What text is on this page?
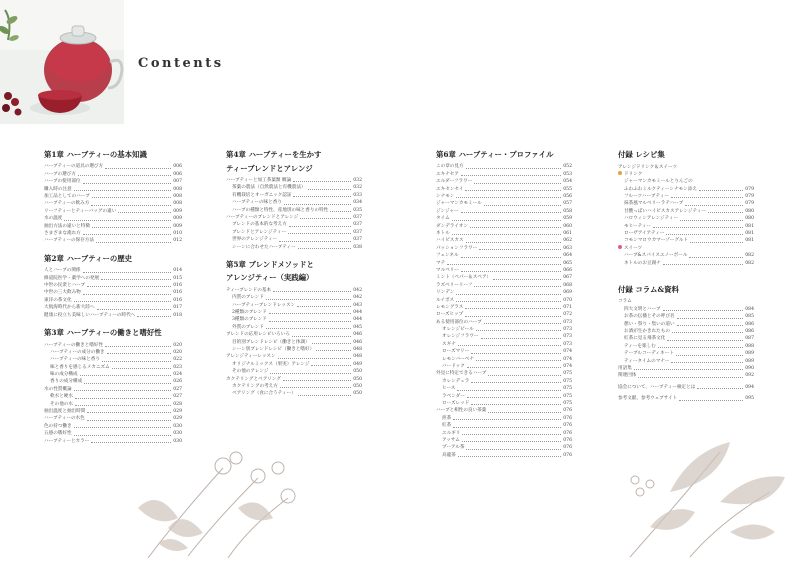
Contents
第1章 ハーブティーの基本知識
ハーブティーの道具の選び方	006
ハーブの選び方	006
ハーブの使用部位	007
購入時の注意	008
加工品としてのハーブ	008
ハーブティーの飲み方	008
リーフティーとティーバッグの違い	009
水の温度	009
抽出方法の違いと特徴	009
さまざまな淹れ方	010
ハーブティーの保存方法	012
第2章 ハーブティーの歴史
人とハーブの関係	014
修道院医学・薬学への発展	015
中世の民衆とハーブ	016
中世の三大飲み物	016
東洋の茶文化	016
大航海時代から新大陸へ	017
健康に役立ち美味しいハーブティーの時代へ	018
第3章 ハーブティーの働きと嗜好性
ハーブティーの働きと嗜好性	020
ハーブティーの成分の働き	020
ハーブティーの味と香り	022
味と香りを感じるメカニズム	023
味の成分構成	024
香りの成分構成	026
水の性質概論	027
軟水と硬水	027
その他の水	028
抽出温度と抽出時間	029
ハーブティーの水色	029
色の持つ働き	030
五感の嗜好性	030
ハーブティーとカラー	030
第4章 ハーブティーを生かす
ティーブレンドとアレンジ
ハーブティーと加工茶葉類 概論	032
茶葉の農法（自然農法と有機農法）	032
有機栽培とオーガニック認証	033
ハーブティーの味と香り	034
ハーブの種類と特性、産地別の味と香りの特性	035
ハーブティーのブレンドとアレンジ	037
ブレンドの基本的な考え方	037
ブレンドとアレンジティー	037
世界のアレンジティー	037
シーンに合わせたハーブティー	038
第5章 ブレンドメソッドと
アレンジティー（実践編）
ティーブレンドの基本	042
内質のブレンド	042
ハーブティーブレンドレッスン	043
2種類のブレンド	044
3種類のブレンド	044
外質のブレンド	045
ブレンドの応用レシピいろいろ	046
目的別ブレンドレシピ（働きと体調）	046
シーン別ブレンドレシピ（働きと嗜好）	048
アレンジティーレッスン	048
オリジナルミックス（果実）アレンジ	049
その他のアレンジ	050
カクテリングとペアリング	050
カクテリングの考え方	050
ペアリング（食に合うティー）	050
第6章 ハーブティー・プロファイル
この章の見方	052
エキナセア	053
エルダーフラワー	054
エキセンセイ	055
シナモン	056
ジャーマンカモミール	057
ジンジャー	058
タイム	059
ダンデライオン	060
ネトル	061
ハイビスカス	062
パッションフラワー	063
フェンネル	064
マテ	065
マルベリー	066
ミント（ペパー＆スペア）	067
ラズベリーリーフ	068
リンデン	069
ルイボス	070
レモングラス	071
ローズヒップ	072
ある使用部位のハーブ	073
オレンジピール	073
オレンジフラワー	073
スギナ	073
ローズマリー	074
レモンバーベナ	074
バードック	074
外見に特定できるハーブ	075
カレンデュラ	075
ヒース	075
ラベンダー	075
ローズレッド	075
ハーブと相性の良い茶葉	076
煎茶	076
紅茶	076
ユルギリ	076
アッサム	076
プーアル茶	076
烏龍茶	076
付録 レシピ集
アレンジドリンク＆スイーツ
ドリンク
ジャーマンカモミールとりんごの
ふわふわミルクティーシナモン添え	079
フルーツハーブティー	079
抹茶風マルベリーラテハーブ	079
甘酸っぱいハイビスカスアレンジティー	080
ハロウィンアレンジティー	080
モヒーティー	081
ローザアイアティー	081
コモンマロウカマーゾーグルト	081
スイーツ
ハーブ&スパイスエノーボール	082
ネトルのお豆腐ナ	082
付録 コラム&資料
コラム
四大文明とハーブ	084
お茶の伝播とその呼び名	085
憩い・祭り・集いの道い	086
お酒が生かきれたもの	086
紅茶に見る飛茶文化	087
ティーを楽しむ	088
テーブルコーディネート	089
ティータイムのマナー	089
用語集	090
関連団体	092
協会について、ハーブティー検定とは	094
参考文献、参考ウェブサイト	095
